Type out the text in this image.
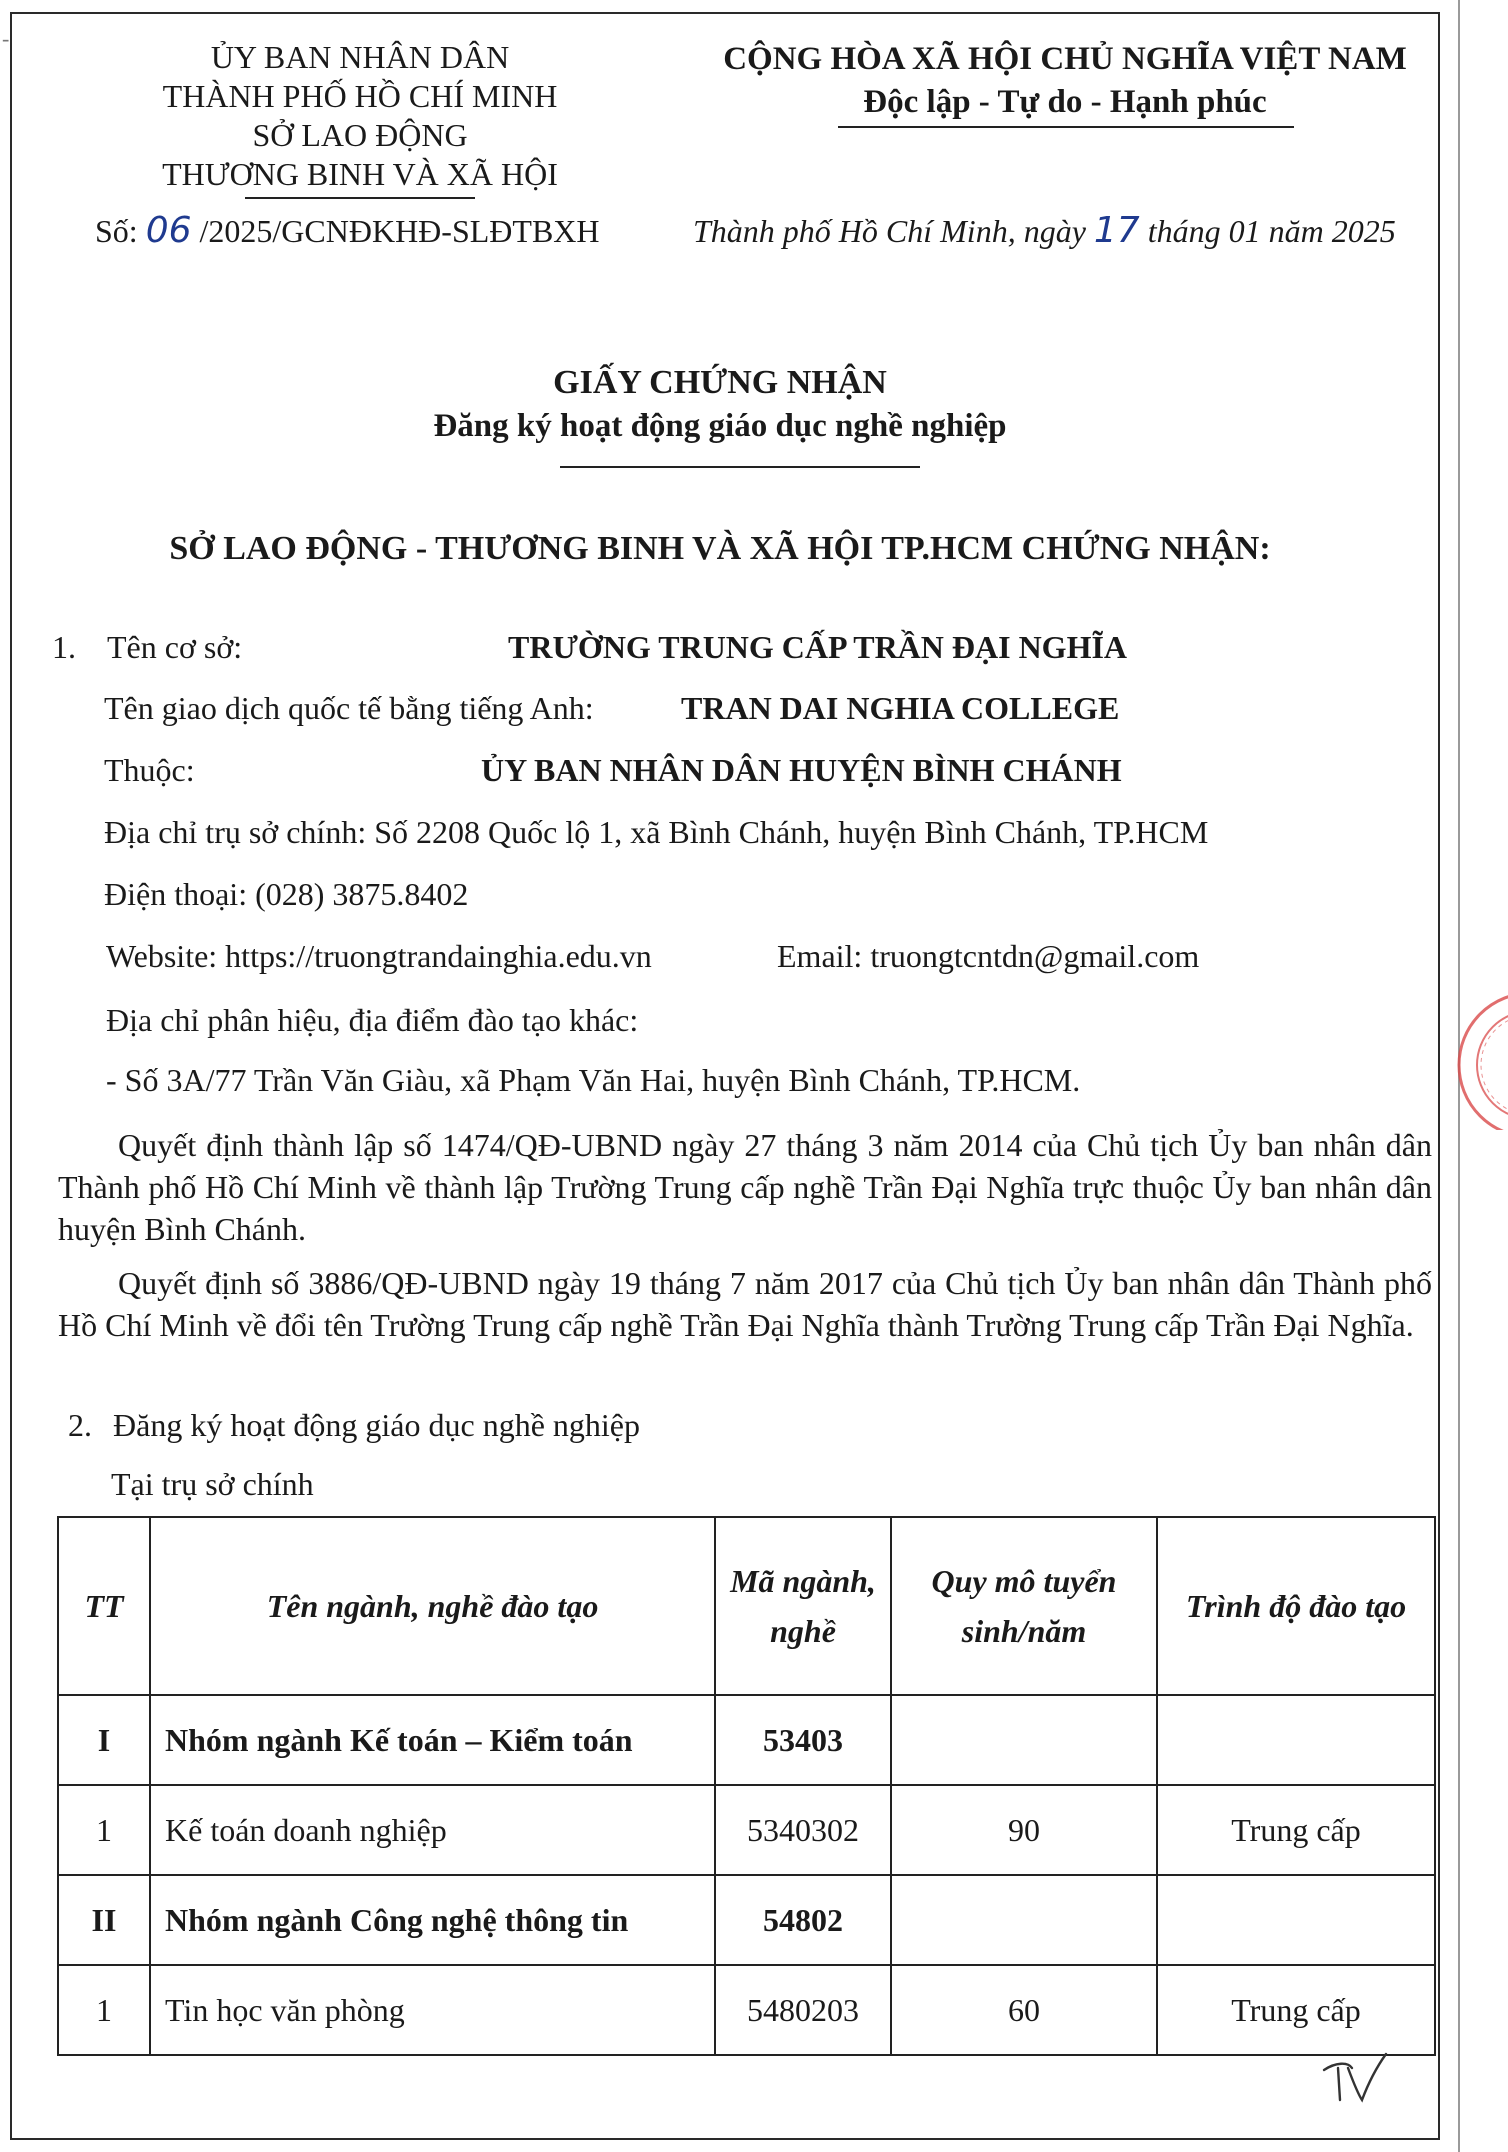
-
ỦY BAN NHÂN DÂN
THÀNH PHỐ HỒ CHÍ MINH
SỞ LAO ĐỘNG
THƯƠNG BINH VÀ XÃ HỘI
CỘNG HÒA XÃ HỘI CHỦ NGHĨA VIỆT NAM
Độc lập - Tự do - Hạnh phúc
Số: 06 /2025/GCNĐKHĐ-SLĐTBXH	Thành phố Hồ Chí Minh, ngày 17 tháng 01 năm 2025
GIẤY CHỨNG NHẬN
Đăng ký hoạt động giáo dục nghề nghiệp
SỞ LAO ĐỘNG - THƯƠNG BINH VÀ XÃ HỘI TP.HCM CHỨNG NHẬN:
1. Tên cơ sở:	TRƯỜNG TRUNG CẤP TRẦN ĐẠI NGHĨA
Tên giao dịch quốc tế bằng tiếng Anh:	TRAN DAI NGHIA COLLEGE
Thuộc:	ỦY BAN NHÂN DÂN HUYỆN BÌNH CHÁNH
Địa chỉ trụ sở chính: Số 2208 Quốc lộ 1, xã Bình Chánh, huyện Bình Chánh, TP.HCM
Điện thoại: (028) 3875.8402
Website: https://truongtrandainghia.edu.vn	Email: truongtcntdn@gmail.com
Địa chỉ phân hiệu, địa điểm đào tạo khác:
- Số 3A/77 Trần Văn Giàu, xã Phạm Văn Hai, huyện Bình Chánh, TP.HCM.

Quyết định thành lập số 1474/QĐ-UBND ngày 27 tháng 3 năm 2014 của Chủ tịch Ủy ban nhân dân Thành phố Hồ Chí Minh về thành lập Trường Trung cấp nghề Trần Đại Nghĩa trực thuộc Ủy ban nhân dân huyện Bình Chánh.

Quyết định số 3886/QĐ-UBND ngày 19 tháng 7 năm 2017 của Chủ tịch Ủy ban nhân dân Thành phố Hồ Chí Minh về đổi tên Trường Trung cấp nghề Trần Đại Nghĩa thành Trường Trung cấp Trần Đại Nghĩa.

2. Đăng ký hoạt động giáo dục nghề nghiệp
Tại trụ sở chính
TT	Tên ngành, nghề đào tạo	Mã ngành, nghề	Quy mô tuyển sinh/năm	Trình độ đào tạo
I	Nhóm ngành Kế toán – Kiểm toán	53403		
1	Kế toán doanh nghiệp	5340302	90	Trung cấp
II	Nhóm ngành Công nghệ thông tin	54802		
1	Tin học văn phòng	5480203	60	Trung cấp
